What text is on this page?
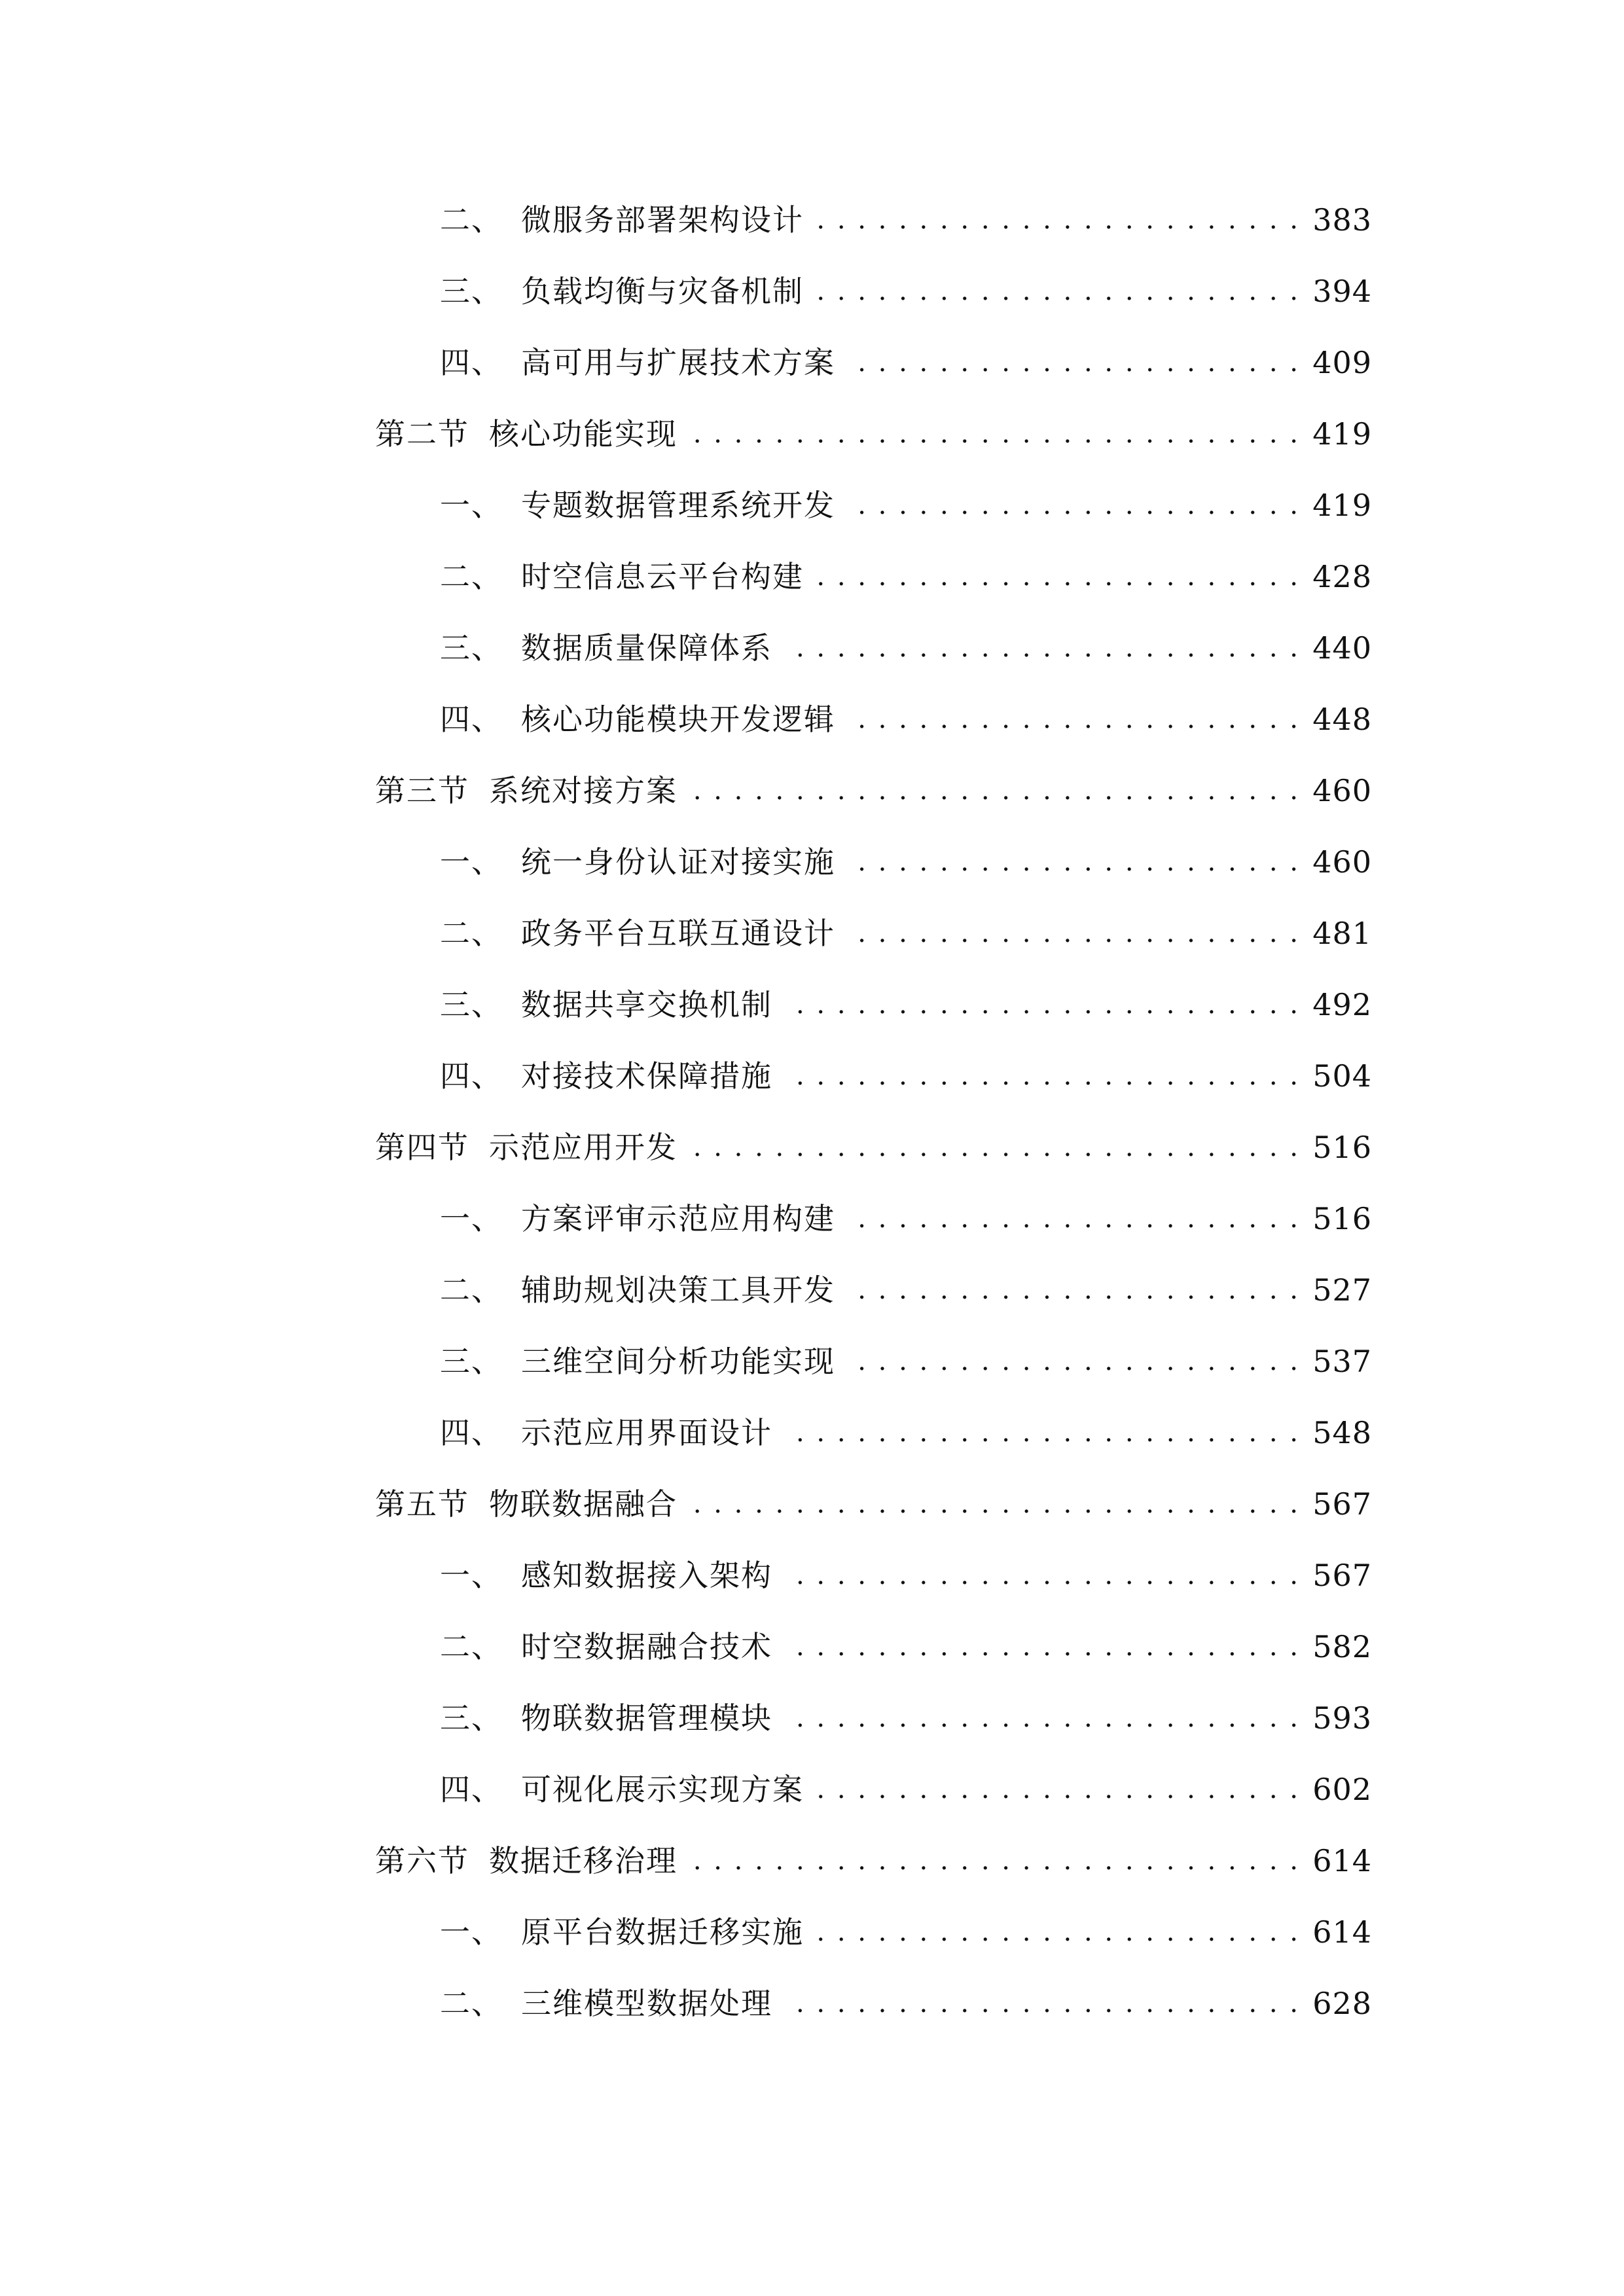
二、 微服务部署架构设计 . . .	383
三、 负载均衡与灾备机制 . . .	394
四、 高可用与扩展技术方案 . . .	409
第二节 核心功能实现 . . .	419
一、 专题数据管理系统开发 . . .	419
二、 时空信息云平台构建 . . .	428
三、 数据质量保障体系 . . .	440
四、 核心功能模块开发逻辑 . . .	448
第三节 系统对接方案 . . .	460
一、 统一身份认证对接实施 . . .	460
二、 政务平台互联互通设计 . . .	481
三、 数据共享交换机制 . . .	492
四、 对接技术保障措施 . . .	504
第四节 示范应用开发 . . .	516
一、 方案评审示范应用构建 . . .	516
二、 辅助规划决策工具开发 . . .	527
三、 三维空间分析功能实现 . . .	537
四、 示范应用界面设计 . . .	548
第五节 物联数据融合 . . .	567
一、 感知数据接入架构 . . .	567
二、 时空数据融合技术 . . .	582
三、 物联数据管理模块 . . .	593
四、 可视化展示实现方案 . . .	602
第六节 数据迁移治理 . . .	614
一、 原平台数据迁移实施 . . .	614
二、 三维模型数据处理 . . .	628
